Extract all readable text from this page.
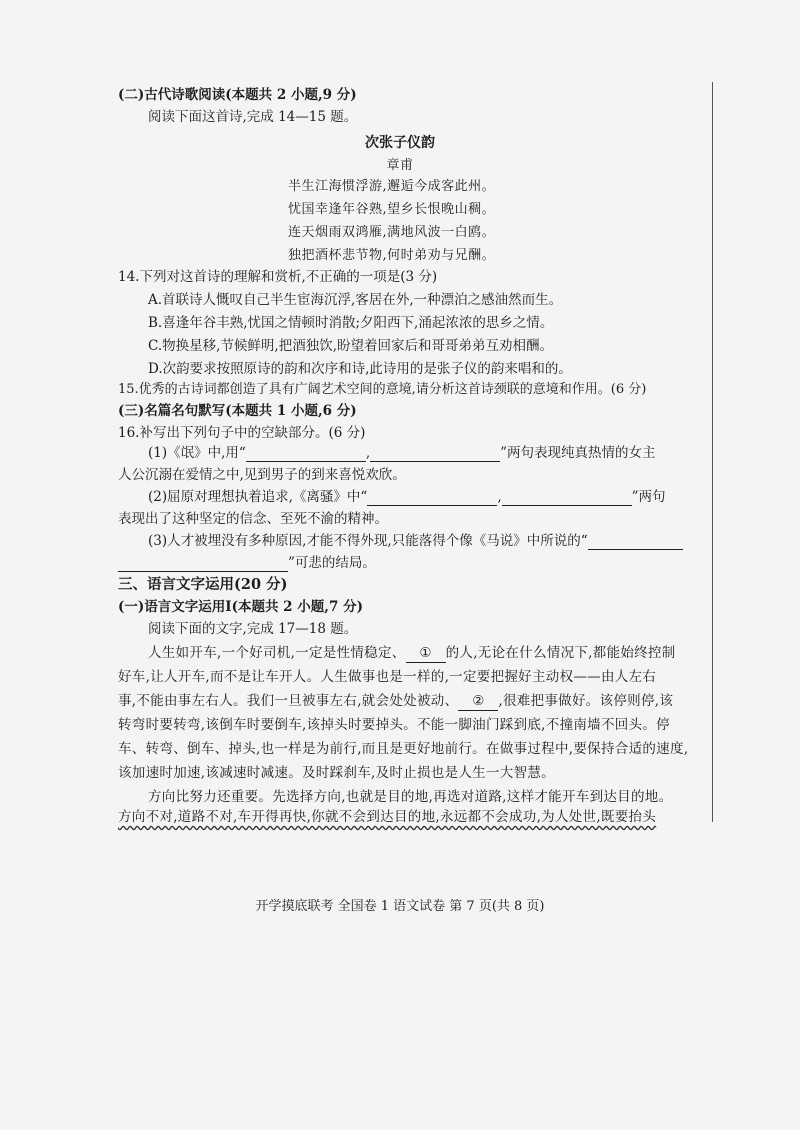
(二)古代诗歌阅读(本题共 2 小题,9 分)
阅读下面这首诗,完成 14—15 题。
次张子仪韵
章甫
半生江海惯浮游,邂逅今成客此州。
忧国幸逢年谷熟,望乡长恨晚山稠。
连天烟雨双鸿雁,满地风波一白鸥。
独把酒杯悲节物,何时弟劝与兄酬。
14.下列对这首诗的理解和赏析,不正确的一项是(3 分)
A.首联诗人慨叹自己半生宦海沉浮,客居在外,一种漂泊之感油然而生。
B.喜逢年谷丰熟,忧国之情顿时消散;夕阳西下,涌起浓浓的思乡之情。
C.物换星移,节候鲜明,把酒独饮,盼望着回家后和哥哥弟弟互劝相酬。
D.次韵要求按照原诗的韵和次序和诗,此诗用的是张子仪的韵来唱和的。
15.优秀的古诗词都创造了具有广阔艺术空间的意境,请分析这首诗颈联的意境和作用。(6 分)
(三)名篇名句默写(本题共 1 小题,6 分)
16.补写出下列句子中的空缺部分。(6 分)
(1)《氓》中,用“	,	”两句表现纯真热情的女主
人公沉溺在爱情之中,见到男子的到来喜悦欢欣。
(2)屈原对理想执着追求,《离骚》中“	,	”两句
表现出了这种坚定的信念、至死不渝的精神。
(3)人才被埋没有多种原因,才能不得外现,只能落得个像《马说》中所说的“
”可悲的结局。
三、语言文字运用(20 分)
(一)语言文字运用Ⅰ(本题共 2 小题,7 分)
阅读下面的文字,完成 17—18 题。
人生如开车,一个好司机,一定是性情稳定、 ① 的人,无论在什么情况下,都能始终控制
好车,让人开车,而不是让车开人。人生做事也是一样的,一定要把握好主动权——由人左右
事,不能由事左右人。我们一旦被事左右,就会处处被动、 ② ,很难把事做好。该停则停,该
转弯时要转弯,该倒车时要倒车,该掉头时要掉头。不能一脚油门踩到底,不撞南墙不回头。停
车、转弯、倒车、掉头,也一样是为前行,而且是更好地前行。在做事过程中,要保持合适的速度,
该加速时加速,该减速时减速。及时踩刹车,及时止损也是人生一大智慧。
方向比努力还重要。先选择方向,也就是目的地,再选对道路,这样才能开车到达目的地。
方向不对,道路不对,车开得再快,你就不会到达目的地,永远都不会成功,为人处世,既要抬头
开学摸底联考 全国卷 1 语文试卷 第 7 页(共 8 页)
